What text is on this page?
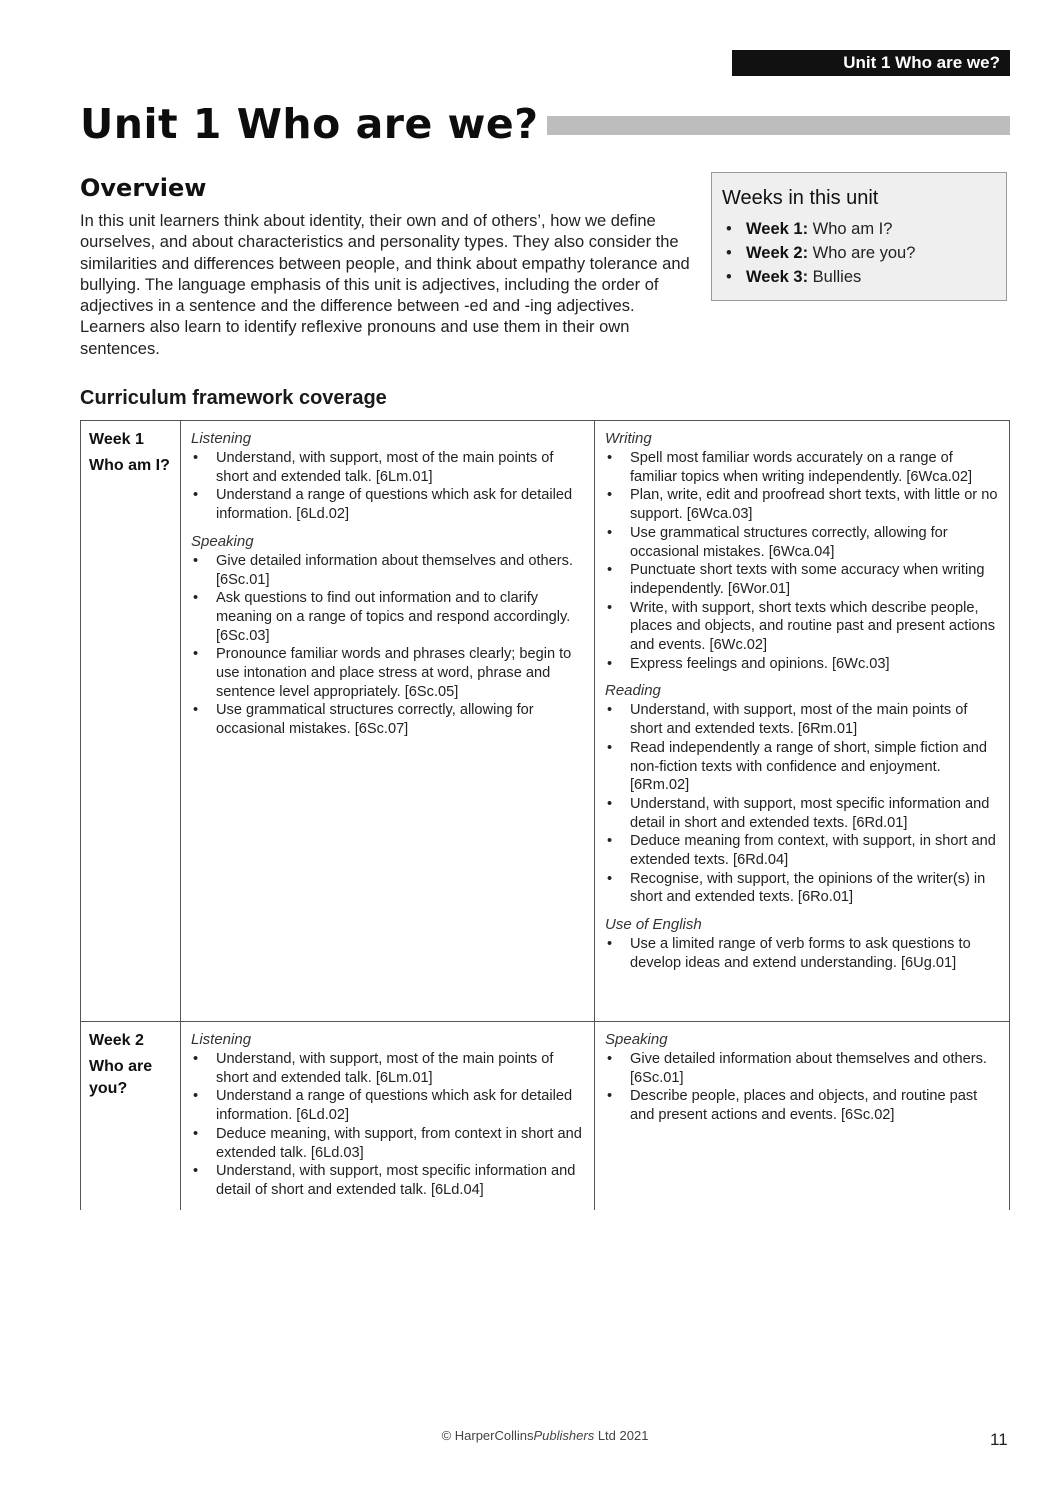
Unit 1 Who are we?
Unit 1 Who are we?
Overview

In this unit learners think about identity, their own and of others’, how we define ourselves, and about characteristics and personality types. They also consider the similarities and differences between people, and think about empathy tolerance and bullying. The language emphasis of this unit is adjectives, including the order of adjectives in a sentence and the difference between -ed and -ing adjectives. Learners also learn to identify reflexive pronouns and use them in their own sentences.

Weeks in this unit
• Week 1: Who am I?
• Week 2: Who are you?
• Week 3: Bullies
Curriculum framework coverage
Week 1
Who am I?
Listening
• Understand, with support, most of the main points of short and extended talk. [6Lm.01]
• Understand a range of questions which ask for detailed information. [6Ld.02]
Speaking
• Give detailed information about themselves and others. [6Sc.01]
• Ask questions to find out information and to clarify meaning on a range of topics and respond accordingly. [6Sc.03]
• Pronounce familiar words and phrases clearly; begin to use intonation and place stress at word, phrase and sentence level appropriately. [6Sc.05]
• Use grammatical structures correctly, allowing for occasional mistakes. [6Sc.07]
Writing
• Spell most familiar words accurately on a range of familiar topics when writing independently. [6Wca.02]
• Plan, write, edit and proofread short texts, with little or no support. [6Wca.03]
• Use grammatical structures correctly, allowing for occasional mistakes. [6Wca.04]
• Punctuate short texts with some accuracy when writing independently. [6Wor.01]
• Write, with support, short texts which describe people, places and objects, and routine past and present actions and events. [6Wc.02]
• Express feelings and opinions. [6Wc.03]
Reading
• Understand, with support, most of the main points of short and extended texts. [6Rm.01]
• Read independently a range of short, simple fiction and non-fiction texts with confidence and enjoyment. [6Rm.02]
• Understand, with support, most specific information and detail in short and extended texts. [6Rd.01]
• Deduce meaning from context, with support, in short and extended texts. [6Rd.04]
• Recognise, with support, the opinions of the writer(s) in short and extended texts. [6Ro.01]
Use of English
• Use a limited range of verb forms to ask questions to develop ideas and extend understanding. [6Ug.01]
Week 2
Who are you?
Listening
• Understand, with support, most of the main points of short and extended talk. [6Lm.01]
• Understand a range of questions which ask for detailed information. [6Ld.02]
• Deduce meaning, with support, from context in short and extended talk. [6Ld.03]
• Understand, with support, most specific information and detail of short and extended talk. [6Ld.04]
Speaking
• Give detailed information about themselves and others. [6Sc.01]
• Describe people, places and objects, and routine past and present actions and events. [6Sc.02]
© HarperCollinsPublishers Ltd 2021	11
